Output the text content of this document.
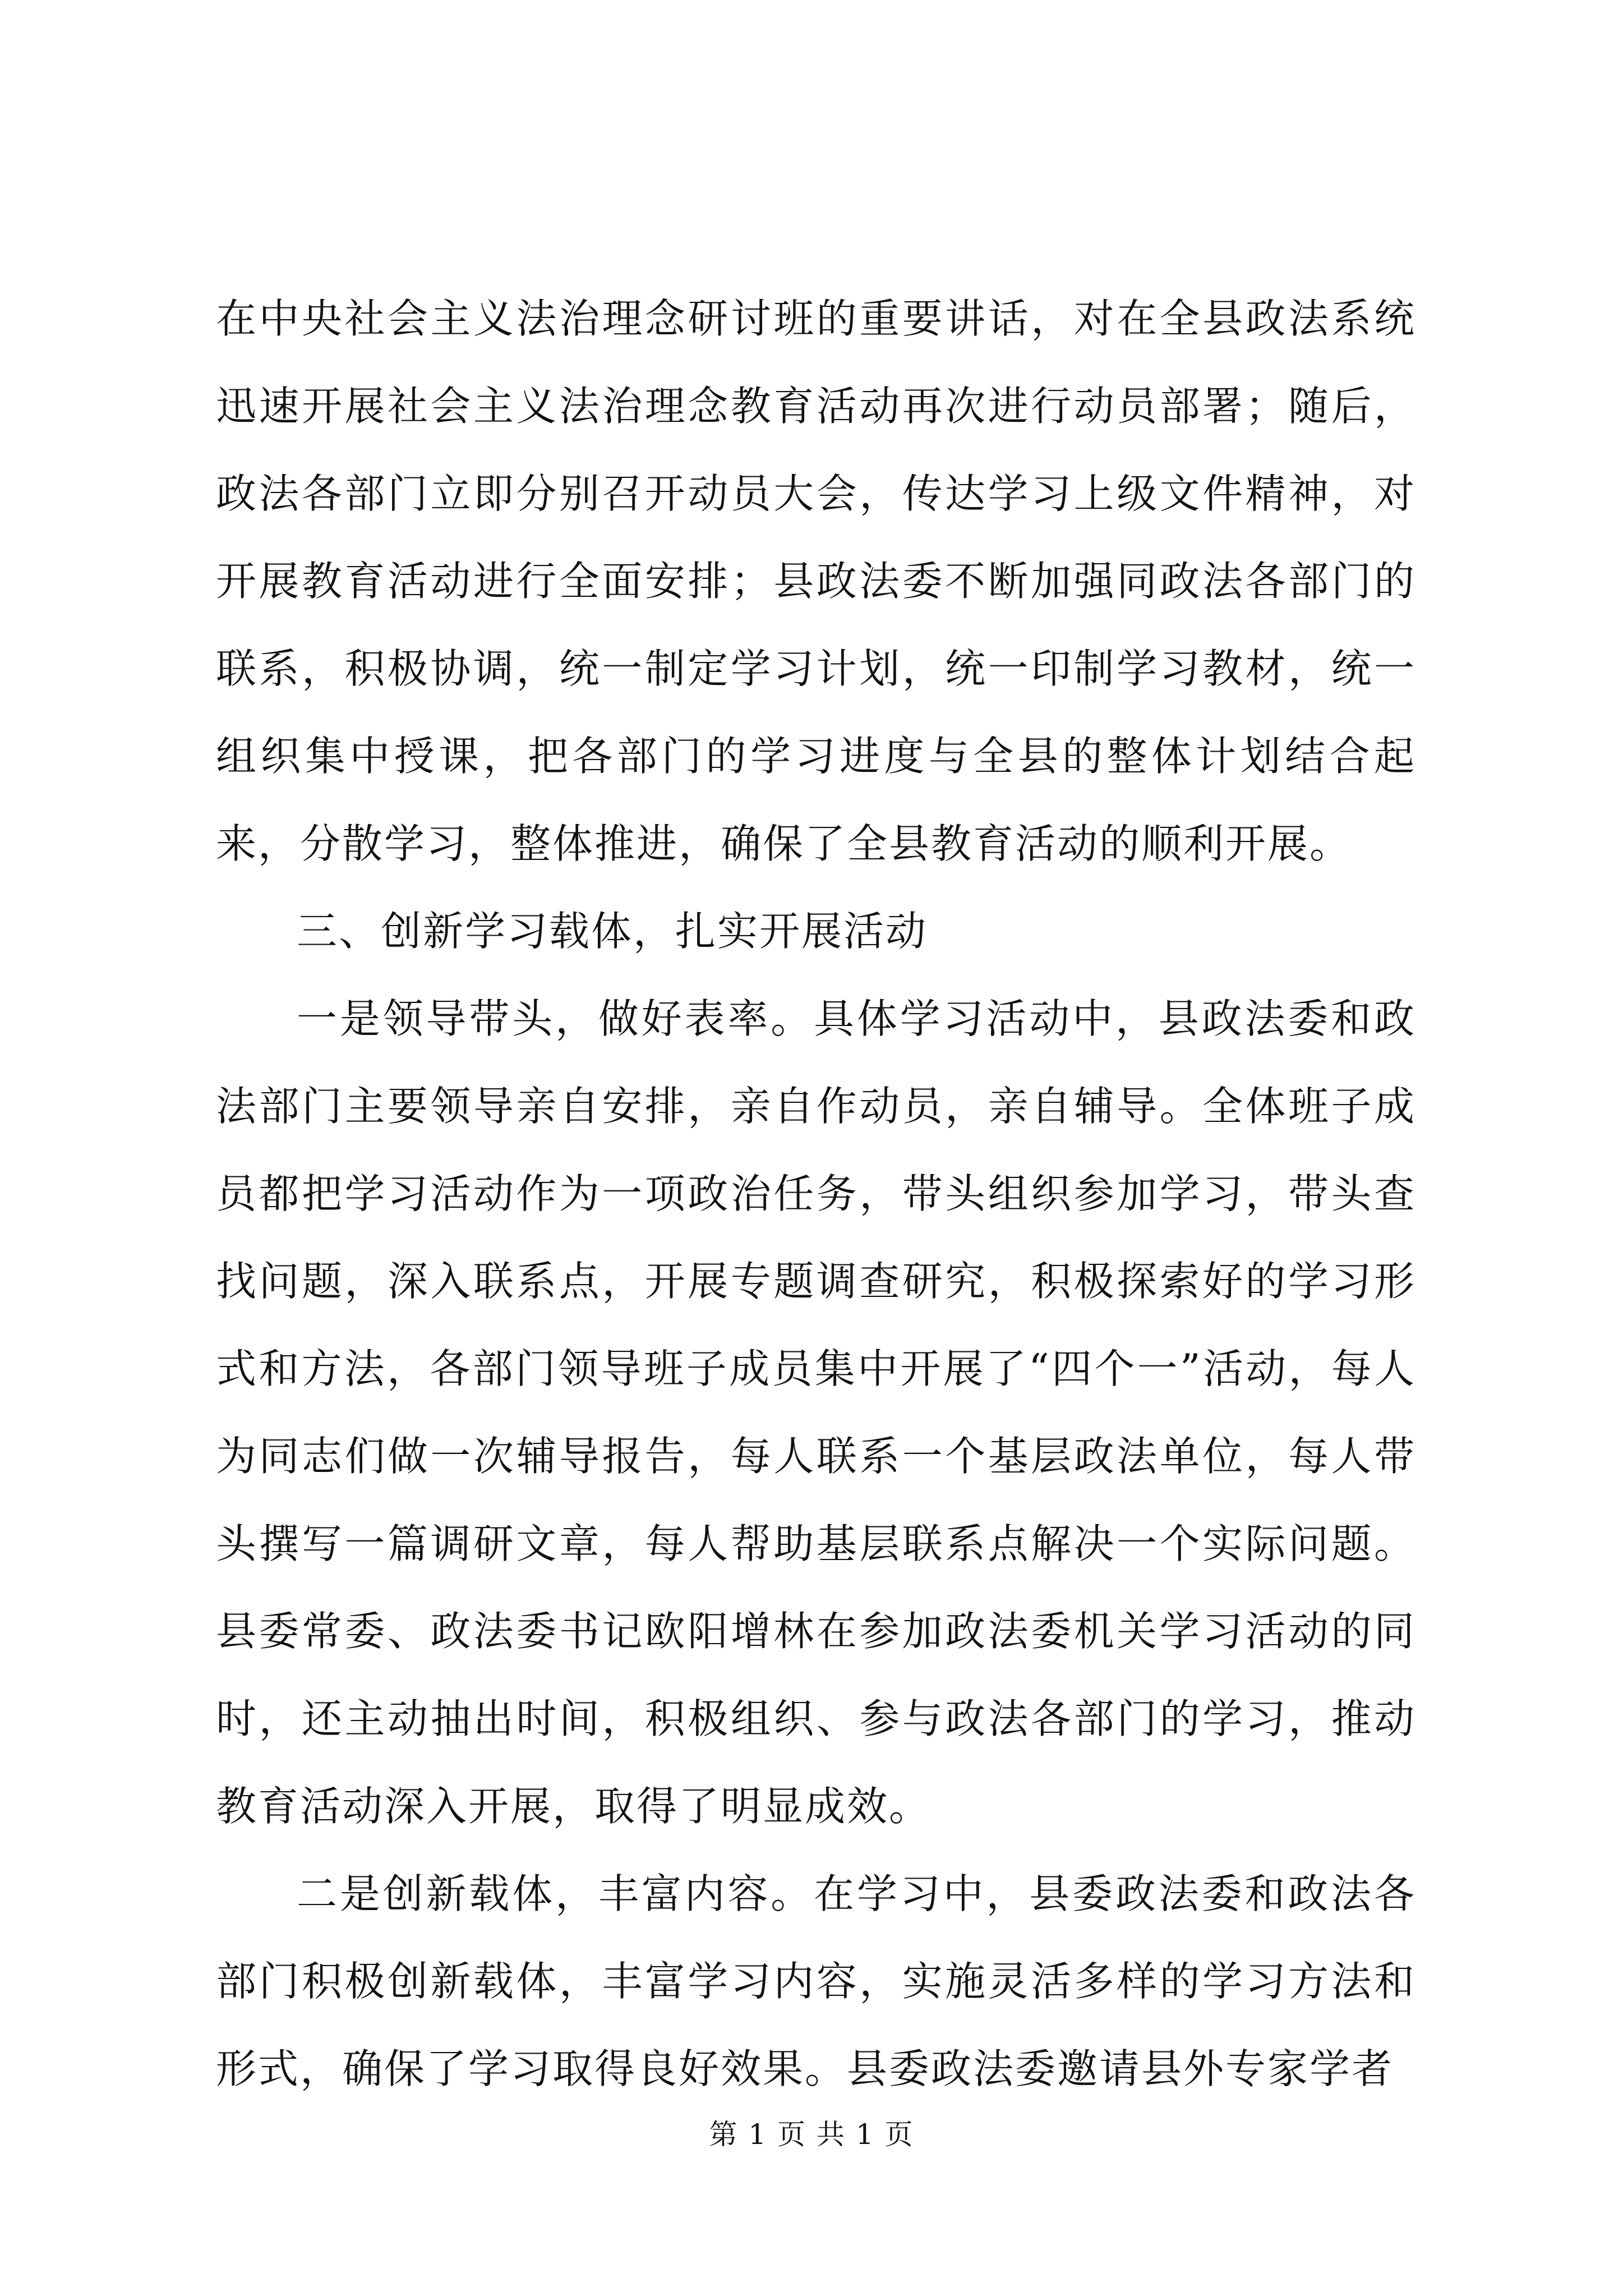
在中央社会主义法治理念研讨班的重要讲话，对在全县政法系统迅速开展社会主义法治理念教育活动再次进行动员部署；随后，政法各部门立即分别召开动员大会，传达学习上级文件精神，对开展教育活动进行全面安排；县政法委不断加强同政法各部门的联系，积极协调，统一制定学习计划，统一印制学习教材，统一组织集中授课，把各部门的学习进度与全县的整体计划结合起来，分散学习，整体推进，确保了全县教育活动的顺利开展。

三、创新学习载体，扎实开展活动

一是领导带头，做好表率。具体学习活动中，县政法委和政法部门主要领导亲自安排，亲自作动员，亲自辅导。全体班子成员都把学习活动作为一项政治任务，带头组织参加学习，带头查找问题，深入联系点，开展专题调查研究，积极探索好的学习形式和方法，各部门领导班子成员集中开展了“四个一”活动，每人为同志们做一次辅导报告，每人联系一个基层政法单位，每人带头撰写一篇调研文章，每人帮助基层联系点解决一个实际问题。县委常委、政法委书记欧阳增林在参加政法委机关学习活动的同时，还主动抽出时间，积极组织、参与政法各部门的学习，推动教育活动深入开展，取得了明显成效。

二是创新载体，丰富内容。在学习中，县委政法委和政法各部门积极创新载体，丰富学习内容，实施灵活多样的学习方法和形式，确保了学习取得良好效果。县委政法委邀请县外专家学者

第 1 页 共 1 页
